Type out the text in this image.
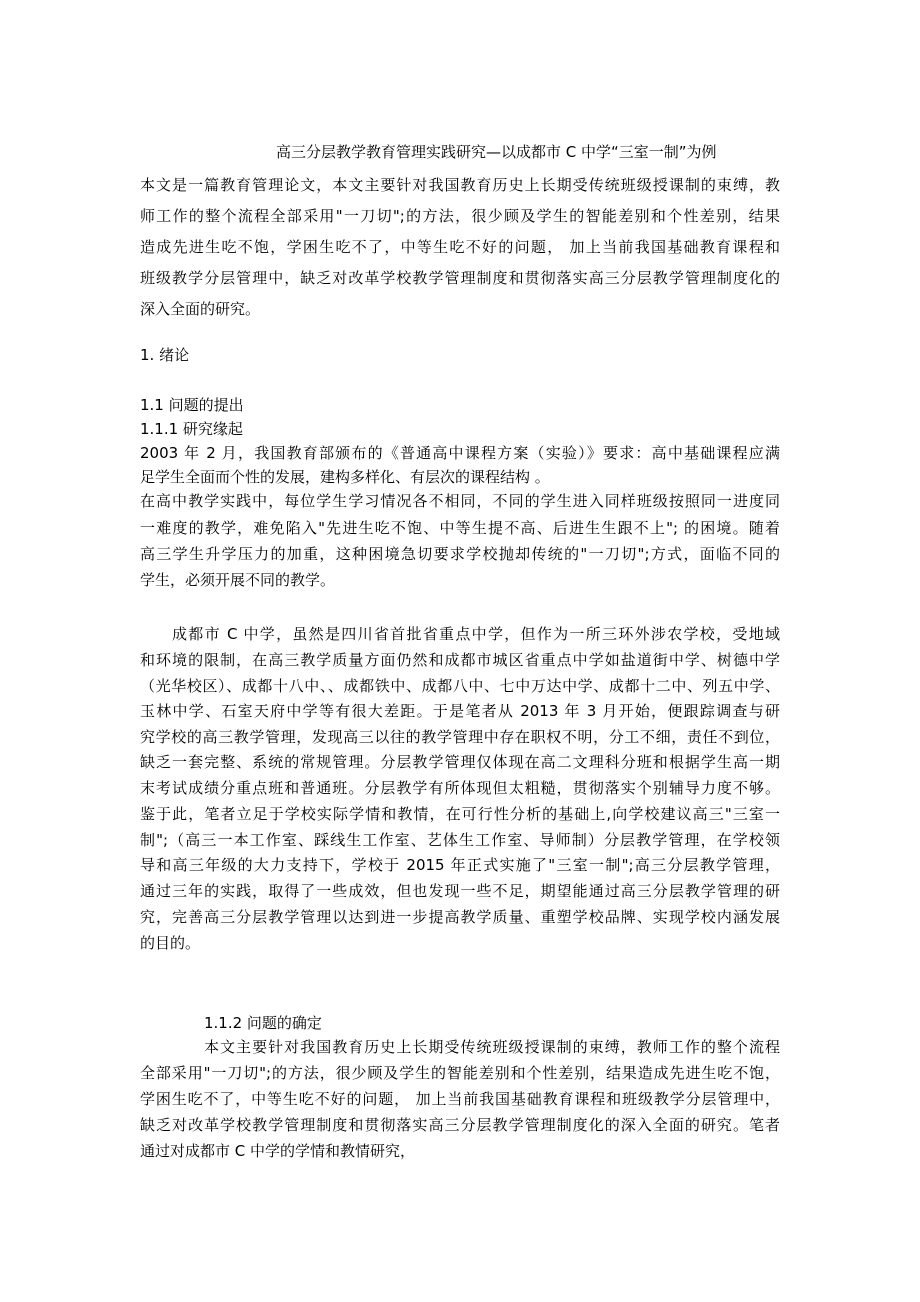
高三分层教学教育管理实践研究—以成都市 C 中学“三室一制”为例
本文是一篇教育管理论文，本文主要针对我国教育历史上长期受传统班级授课制的束缚，教
师工作的整个流程全部采用"一刀切";的方法，很少顾及学生的智能差别和个性差别，结果
造成先进生吃不饱，学困生吃不了，中等生吃不好的问题， 加上当前我国基础教育课程和
班级教学分层管理中，缺乏对改革学校教学管理制度和贯彻落实高三分层教学管理制度化的
深入全面的研究。
1. 绪论
1.1 问题的提出
1.1.1 研究缘起
2003 年 2 月，我国教育部颁布的《普通高中课程方案（实验）》要求：高中基础课程应满
足学生全面而个性的发展，建构多样化、有层次的课程结构 。
在高中教学实践中，每位学生学习情况各不相同，不同的学生进入同样班级按照同一进度同
一难度的教学，难免陷入"先进生吃不饱、中等生提不高、后进生生跟不上"; 的困境。随着
高三学生升学压力的加重，这种困境急切要求学校抛却传统的"一刀切";方式，面临不同的
学生，必须开展不同的教学。
成都市 C 中学，虽然是四川省首批省重点中学，但作为一所三环外涉农学校，受地域
和环境的限制，在高三教学质量方面仍然和成都市城区省重点中学如盐道街中学、树德中学
（光华校区）、成都十八中、、成都铁中、成都八中、七中万达中学、成都十二中、列五中学、
玉林中学、石室天府中学等有很大差距。于是笔者从 2013 年 3 月开始，便跟踪调查与研
究学校的高三教学管理，发现高三以往的教学管理中存在职权不明，分工不细，责任不到位，
缺乏一套完整、系统的常规管理。分层教学管理仅体现在高二文理科分班和根据学生高一期
末考试成绩分重点班和普通班。分层教学有所体现但太粗糙，贯彻落实个别辅导力度不够。
鉴于此，笔者立足于学校实际学情和教情，在可行性分析的基础上,向学校建议高三"三室一
制";（高三一本工作室、踩线生工作室、艺体生工作室、导师制）分层教学管理，在学校领
导和高三年级的大力支持下，学校于 2015 年正式实施了"三室一制";高三分层教学管理，
通过三年的实践，取得了一些成效，但也发现一些不足，期望能通过高三分层教学管理的研
究，完善高三分层教学管理以达到进一步提高教学质量、重塑学校品牌、实现学校内涵发展
的目的。
1.1.2 问题的确定
本文主要针对我国教育历史上长期受传统班级授课制的束缚，教师工作的整个流程
全部采用"一刀切";的方法，很少顾及学生的智能差别和个性差别，结果造成先进生吃不饱，
学困生吃不了，中等生吃不好的问题， 加上当前我国基础教育课程和班级教学分层管理中，
缺乏对改革学校教学管理制度和贯彻落实高三分层教学管理制度化的深入全面的研究。笔者
通过对成都市 C 中学的学情和教情研究，
